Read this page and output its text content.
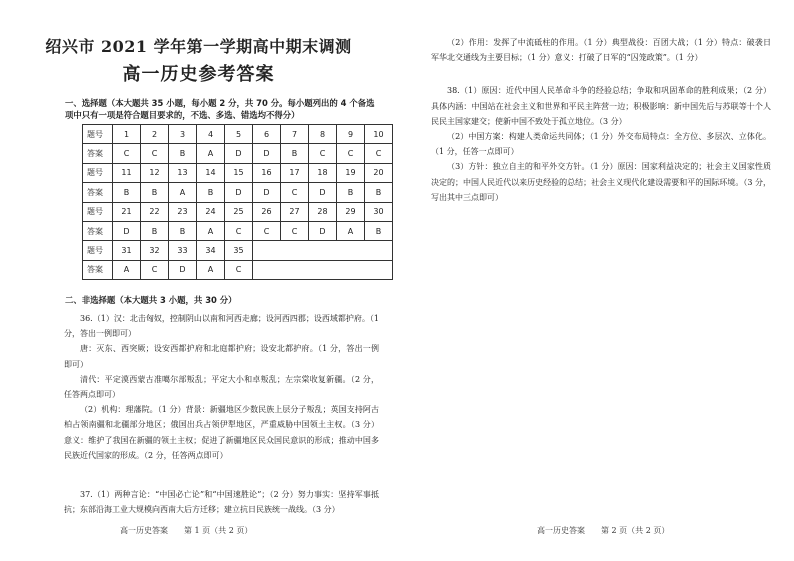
绍兴市 2021 学年第一学期高中期末调测
高一历史参考答案
一、选择题（本大题共 35 小题，每小题 2 分，共 70 分。每小题列出的 4 个备选项中只有一项是符合题目要求的，不选、多选、错选均不得分）
题号	1	2	3	4	5	6	7	8	9	10
答案	C	C	B	A	D	D	B	C	C	C
题号	11	12	13	14	15	16	17	18	19	20
答案	B	B	A	B	D	D	C	D	B	B
题号	21	22	23	24	25	26	27	28	29	30
答案	D	B	B	A	C	C	C	D	A	B
题号	31	32	33	34	35					
答案	A	C	D	A	C					
二、非选择题（本大题共 3 小题，共 30 分）

36.（1）汉：北击匈奴，控制阴山以南和河西走廊；设河西四郡；设西域都护府。（1 分，答出一例即可）

唐：灭东、西突厥；设安西都护府和北庭都护府；设安北都护府。（1 分，答出一例即可）

清代：平定漠西蒙古准噶尔部叛乱；平定大小和卓叛乱；左宗棠收复新疆。（2 分，任答两点即可）

（2）机构：理藩院。（1 分）背景：新疆地区少数民族上层分子叛乱；英国支持阿古柏占领南疆和北疆部分地区；俄国出兵占领伊犁地区，严重威胁中国领土主权。（3 分）意义：维护了我国在新疆的领土主权；促进了新疆地区民众国民意识的形成；推动中国多民族近代国家的形成。（2 分，任答两点即可）

37.（1）两种言论：“中国必亡论”和“中国速胜论”；（2 分）努力事实：坚持军事抵抗；东部沿海工业大规模向西南大后方迁移；建立抗日民族统一战线。（3 分）

高一历史答案　　第 1 页（共 2 页）

（2）作用：发挥了中流砥柱的作用。（1 分）典型战役：百团大战；（1 分）特点：破袭日军华北交通线为主要目标；（1 分）意义：打破了日军的“囚笼政策”。（1 分）

38.（1）原因：近代中国人民革命斗争的经验总结；争取和巩固革命的胜利成果；（2 分）具体内涵：中国站在社会主义和世界和平民主阵营一边；积极影响：新中国先后与苏联等十个人民民主国家建交；使新中国不致处于孤立地位。（3 分）

（2）中国方案：构建人类命运共同体；（1 分）外交布局特点：全方位、多层次、立体化。（1 分，任答一点即可）

（3）方针：独立自主的和平外交方针。（1 分）原因：国家利益决定的；社会主义国家性质决定的；中国人民近代以来历史经验的总结；社会主义现代化建设需要和平的国际环境。（3 分，写出其中三点即可）

高一历史答案　　第 2 页（共 2 页）
